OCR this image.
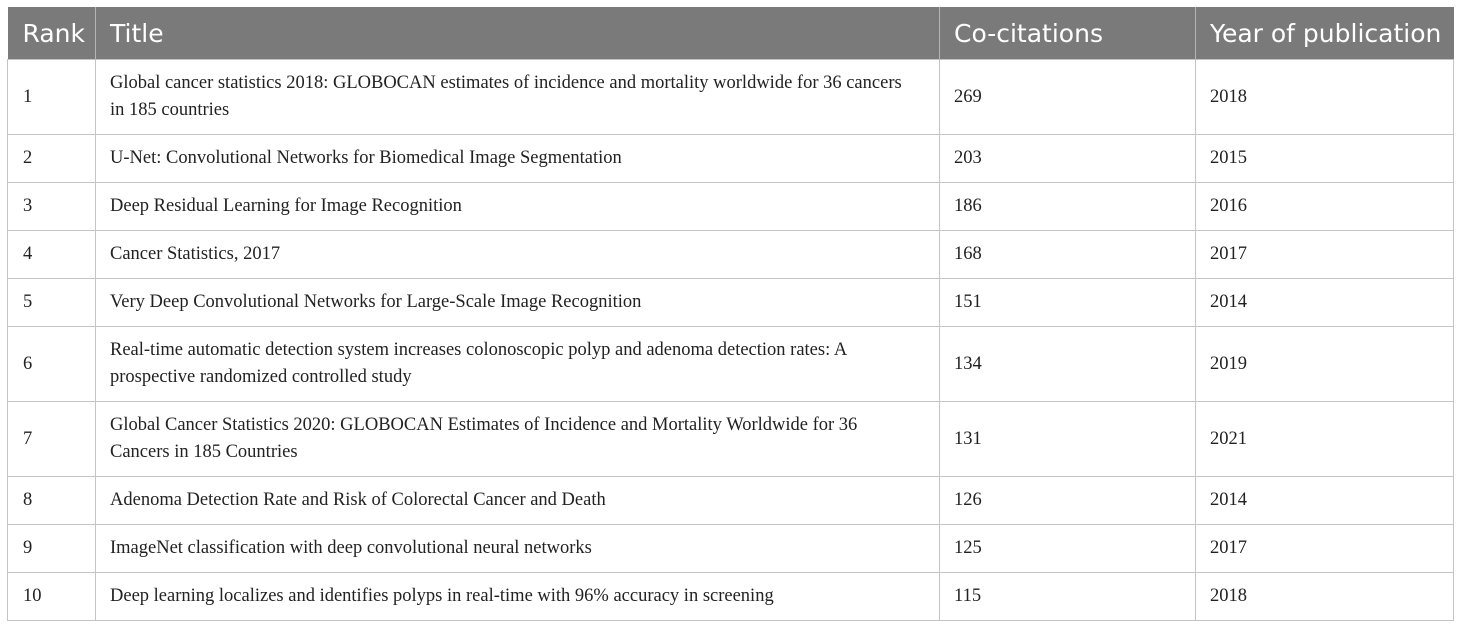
Rank	Title	Co-citations	Year of publication
1	Global cancer statistics 2018: GLOBOCAN estimates of incidence and mortality worldwide for 36 cancers in 185 countries	269	2018
2	U-Net: Convolutional Networks for Biomedical Image Segmentation	203	2015
3	Deep Residual Learning for Image Recognition	186	2016
4	Cancer Statistics, 2017	168	2017
5	Very Deep Convolutional Networks for Large-Scale Image Recognition	151	2014
6	Real-time automatic detection system increases colonoscopic polyp and adenoma detection rates: A prospective randomized controlled study	134	2019
7	Global Cancer Statistics 2020: GLOBOCAN Estimates of Incidence and Mortality Worldwide for 36 Cancers in 185 Countries	131	2021
8	Adenoma Detection Rate and Risk of Colorectal Cancer and Death	126	2014
9	ImageNet classification with deep convolutional neural networks	125	2017
10	Deep learning localizes and identifies polyps in real-time with 96% accuracy in screening	115	2018
